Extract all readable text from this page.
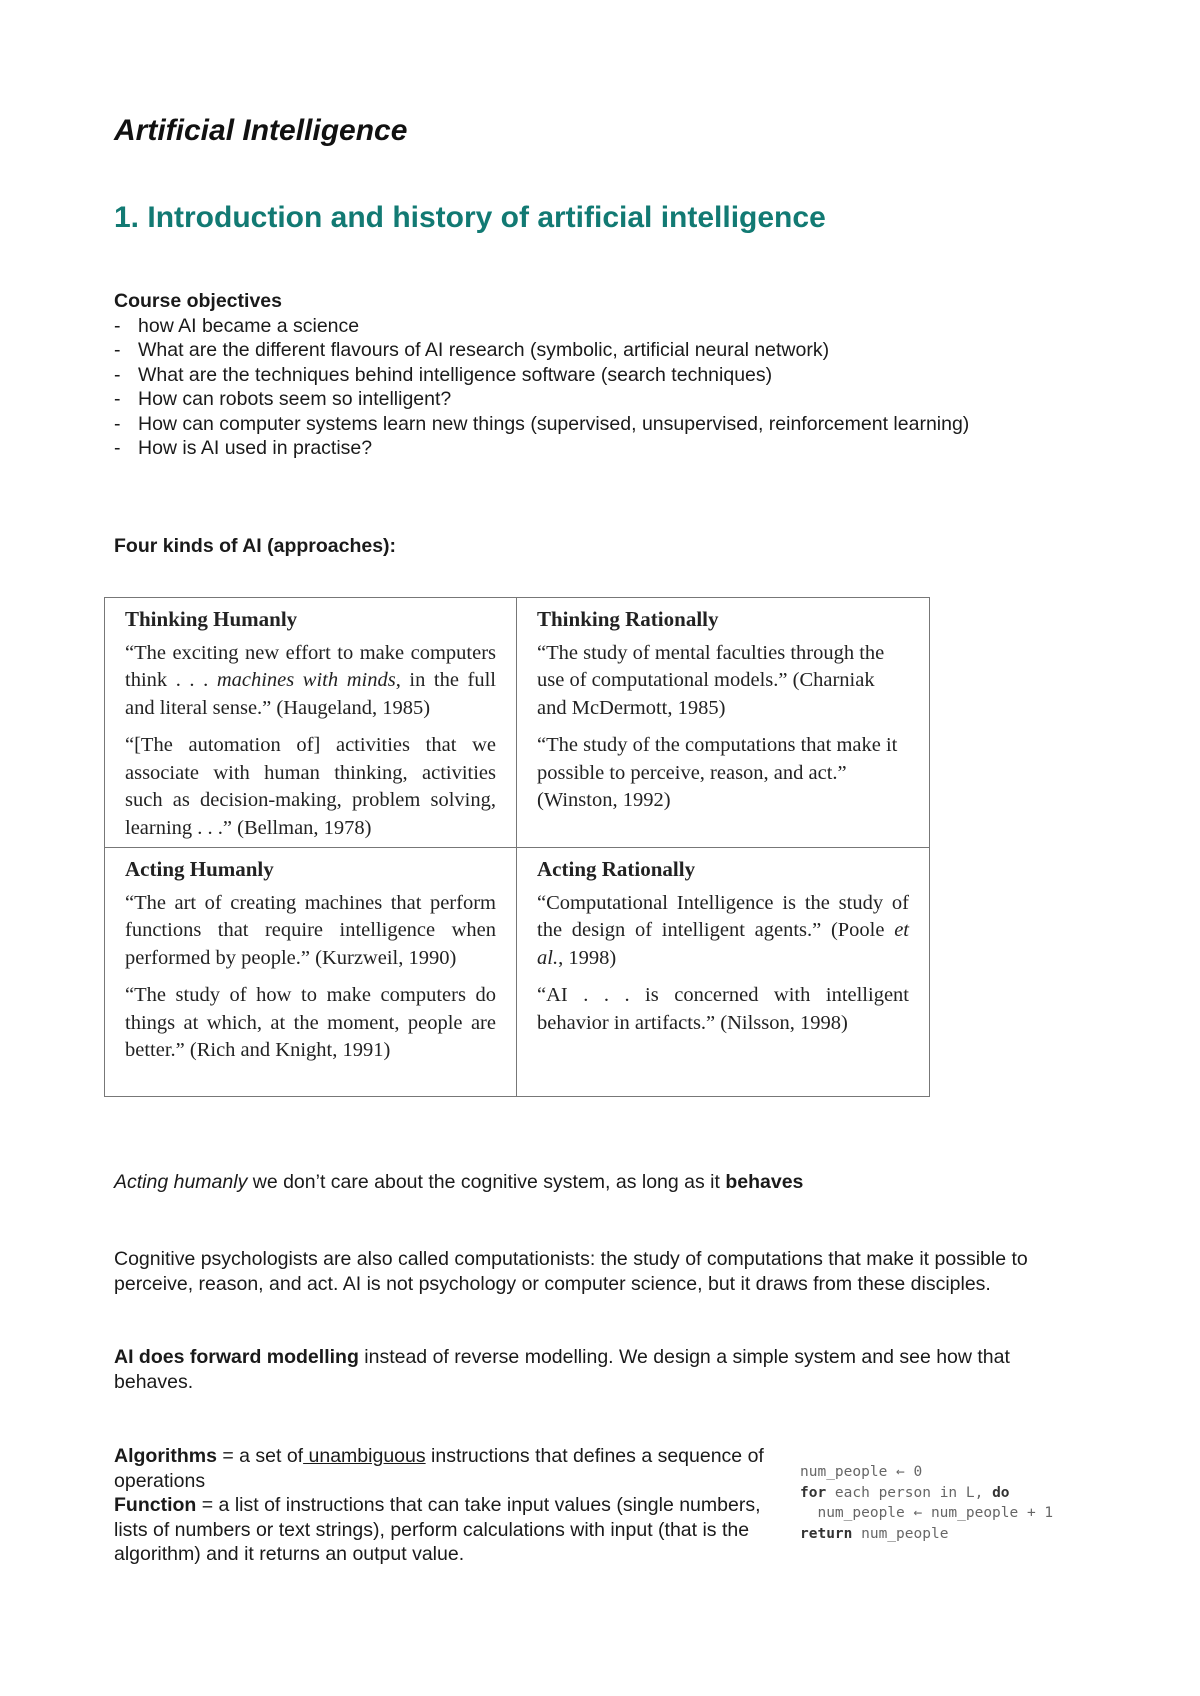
Artificial Intelligence
1. Introduction and history of artificial intelligence
Course objectives
- how AI became a science
- What are the different flavours of AI research (symbolic, artificial neural network)
- What are the techniques behind intelligence software (search techniques)
- How can robots seem so intelligent?
- How can computer systems learn new things (supervised, unsupervised, reinforcement learning)
- How is AI used in practise?
Four kinds of AI (approaches):
Thinking Humanly

“The exciting new effort to make computers think . . . machines with minds, in the full and literal sense.” (Haugeland, 1985)

“[The automation of] activities that we associate with human thinking, activities such as decision-making, problem solving, learning . . .” (Bellman, 1978)

Thinking Rationally

“The study of mental faculties through the use of computational models.” (Charniak and McDermott, 1985)

“The study of the computations that make it possible to perceive, reason, and act.” (Winston, 1992)

Acting Humanly

“The art of creating machines that perform functions that require intelligence when performed by people.” (Kurzweil, 1990)

“The study of how to make computers do things at which, at the moment, people are better.” (Rich and Knight, 1991)

Acting Rationally

“Computational Intelligence is the study of the design of intelligent agents.” (Poole et al., 1998)

“AI . . . is concerned with intelligent behavior in artifacts.” (Nilsson, 1998)

Acting humanly we don’t care about the cognitive system, as long as it behaves

Cognitive psychologists are also called computationists: the study of computations that make it possible to perceive, reason, and act. AI is not psychology or computer science, but it draws from these disciples.

AI does forward modelling instead of reverse modelling. We design a simple system and see how that behaves.

Algorithms = a set of unambiguous instructions that defines a sequence of operations

Function = a list of instructions that can take input values (single numbers, lists of numbers or text strings), perform calculations with input (that is the algorithm) and it returns an output value.

num_people ← 0
for each person in L, do
num_people ← num_people + 1
return num_people
